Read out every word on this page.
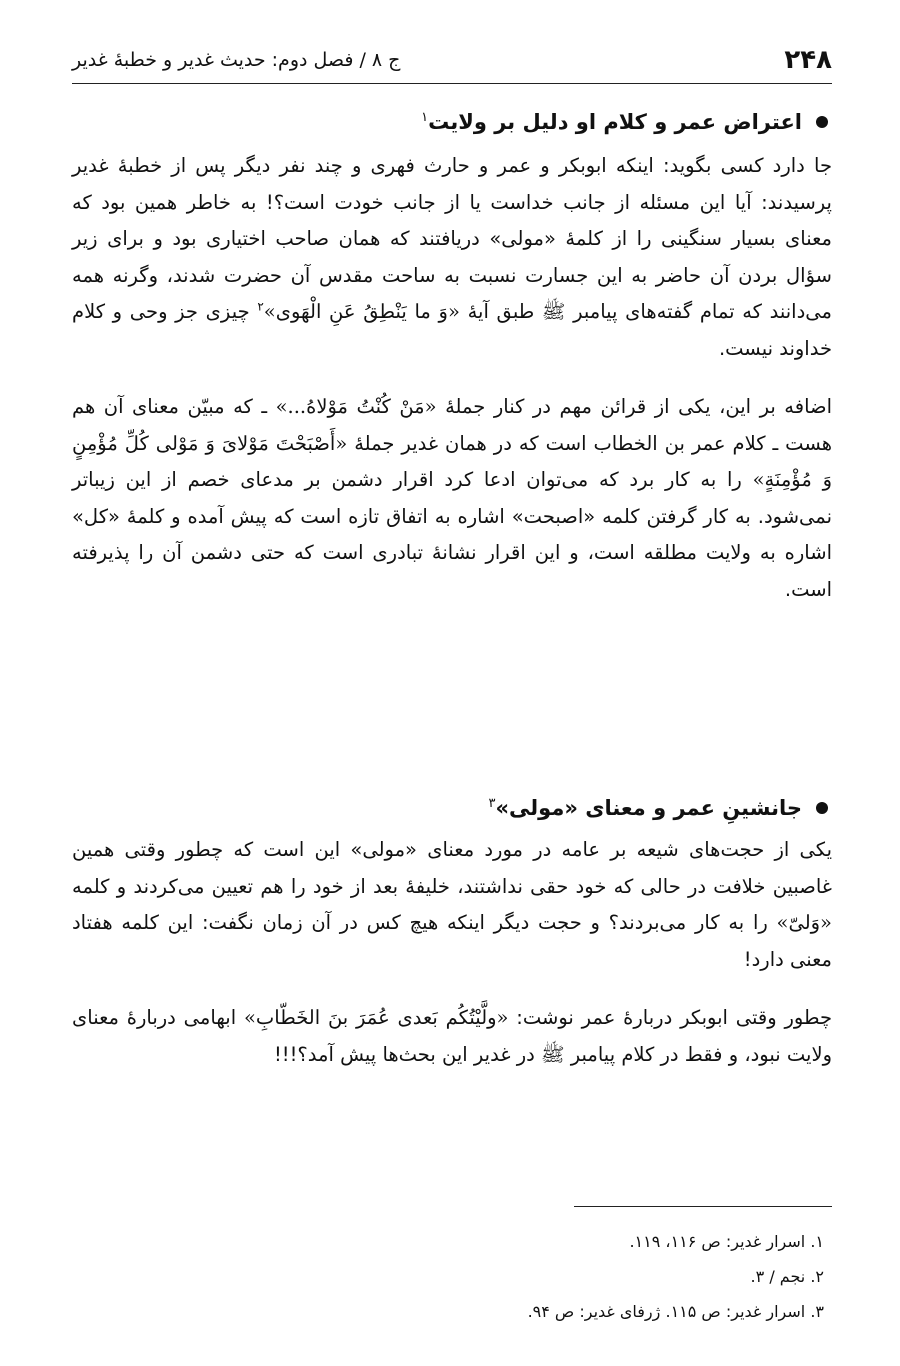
۲۴۸
ج ۸ / فصل دوم: حدیث غدیر و خطبهٔ غدیر
اعتراض عمر و کلام او دلیل بر ولایت$^۱$

جا دارد کسی بگوید: اینکه ابوبکر و عمر و حارث فهری و چند نفر دیگر پس از خطبهٔ غدیر پرسیدند: آیا این مسئله از جانب خداست یا از جانب خودت است؟! به خاطر همین بود که معنای بسیار سنگینی را از کلمهٔ «مولی» دریافتند که همان صاحب اختیاری بود و برای زیر سؤال بردن آن حاضر به این جسارت نسبت به ساحت مقدس آن حضرت شدند، وگرنه همه می‌دانند که تمام گفته‌های پیامبر ﷺ طبق آیهٔ «وَ ما یَنْطِقُ عَنِ الْهَوی»$^۲$ چیزی جز وحی و کلام خداوند نیست.

اضافه بر این، یکی از قرائن مهم در کنار جملهٔ «مَنْ کُنْتُ مَوْلاهُ...» ـ که مبیّن معنای آن هم هست ـ کلام عمر بن الخطاب است که در همان غدیر جملهٔ «أَصْبَحْتَ مَوْلایَ وَ مَوْلی کُلِّ مُؤْمِنٍ وَ مُؤْمِنَةٍ» را به کار برد که می‌توان ادعا کرد اقرار دشمن بر مدعای خصم از این زیباتر نمی‌شود. به کار گرفتن کلمه «اصبحت» اشاره به اتفاق تازه است که پیش آمده و کلمهٔ «کل» اشاره به ولایت مطلقه است، و این اقرار نشانهٔ تبادری است که حتی دشمن آن را پذیرفته است.

جانشینِ عمر و معنای «مولی»$^۳$

یکی از حجت‌های شیعه بر عامه در مورد معنای «مولی» این است که چطور وقتی همین غاصبین خلافت در حالی که خود حقی نداشتند، خلیفهٔ بعد از خود را هم تعیین می‌کردند و کلمه «وَلیّ» را به کار می‌بردند؟ و حجت دیگر اینکه هیچ کس در آن زمان نگفت: این کلمه هفتاد معنی دارد!

چطور وقتی ابوبکر دربارهٔ عمر نوشت: «ولَّیْتُکُم بَعدی عُمَرَ بنَ الخَطّابِ» ابهامی دربارهٔ معنای ولایت نبود، و فقط در کلام پیامبر ﷺ در غدیر این بحث‌ها پیش آمد؟!!!

۱. اسرار غدیر: ص ۱۱۶، ۱۱۹.

۲. نجم / ۳.

۳. اسرار غدیر: ص ۱۱۵. ژرفای غدیر: ص ۹۴.
